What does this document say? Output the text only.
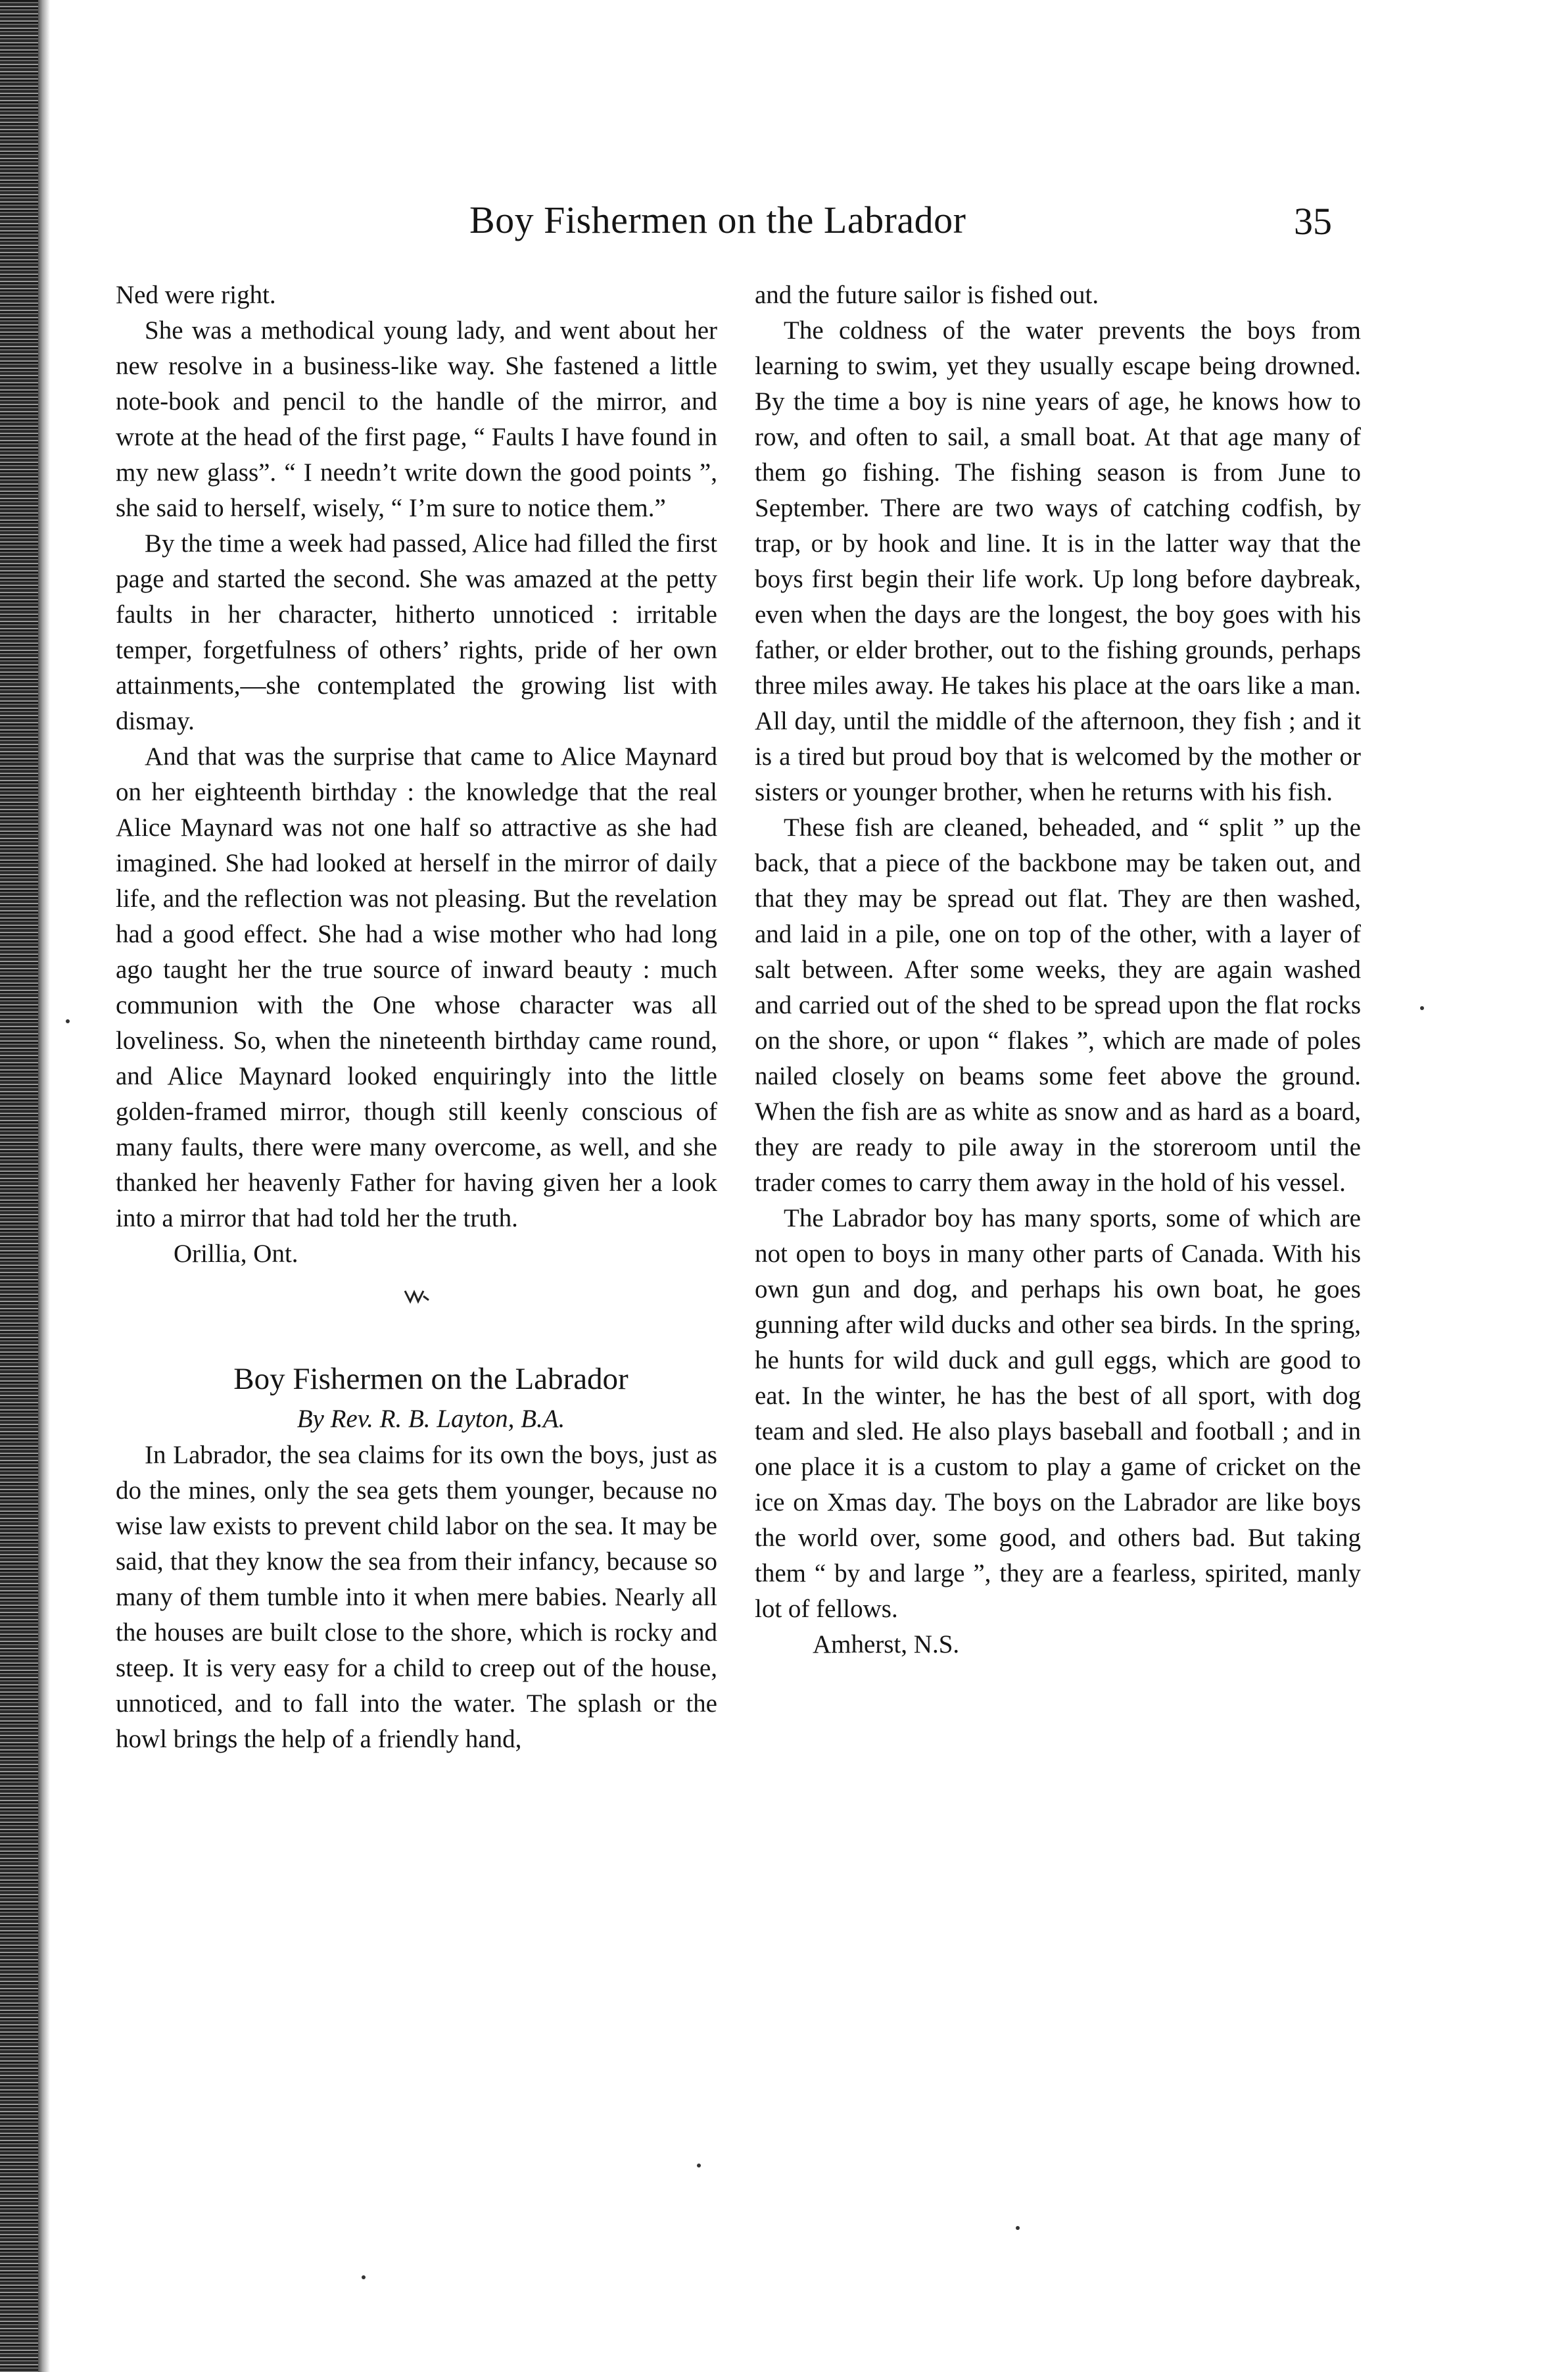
Boy Fishermen on the Labrador	35

Ned were right.

She was a methodical young lady, and went about her new resolve in a business-like way. She fastened a little note-book and pencil to the handle of the mirror, and wrote at the head of the first page, “ Faults I have found in my new glass”. “ I needn’t write down the good points ”, she said to herself, wisely, “ I’m sure to notice them.”

By the time a week had passed, Alice had filled the first page and started the second. She was amazed at the petty faults in her character, hitherto unnoticed : irritable temper, forgetfulness of others’ rights, pride of her own attainments,—she contemplated the growing list with dismay.

And that was the surprise that came to Alice Maynard on her eighteenth birthday : the knowledge that the real Alice Maynard was not one half so attractive as she had imagined. She had looked at herself in the mirror of daily life, and the reflection was not pleasing. But the revelation had a good effect. She had a wise mother who had long ago taught her the true source of inward beauty : much communion with the One whose character was all loveliness. So, when the nineteenth birthday came round, and Alice Maynard looked enquiringly into the little golden-framed mirror, though still keenly conscious of many faults, there were many overcome, as well, and she thanked her heavenly Father for having given her a look into a mirror that had told her the truth.

Orillia, Ont.

Boy Fishermen on the Labrador

By Rev. R. B. Layton, B.A.

In Labrador, the sea claims for its own the boys, just as do the mines, only the sea gets them younger, because no wise law exists to prevent child labor on the sea. It may be said, that they know the sea from their infancy, because so many of them tumble into it when mere babies. Nearly all the houses are built close to the shore, which is rocky and steep. It is very easy for a child to creep out of the house, unnoticed, and to fall into the water. The splash or the howl brings the help of a friendly hand,

and the future sailor is fished out.

The coldness of the water prevents the boys from learning to swim, yet they usually escape being drowned. By the time a boy is nine years of age, he knows how to row, and often to sail, a small boat. At that age many of them go fishing. The fishing season is from June to September. There are two ways of catching codfish, by trap, or by hook and line. It is in the latter way that the boys first begin their life work. Up long before daybreak, even when the days are the longest, the boy goes with his father, or elder brother, out to the fishing grounds, perhaps three miles away. He takes his place at the oars like a man. All day, until the middle of the afternoon, they fish ; and it is a tired but proud boy that is welcomed by the mother or sisters or younger brother, when he returns with his fish.

These fish are cleaned, beheaded, and “ split ” up the back, that a piece of the backbone may be taken out, and that they may be spread out flat. They are then washed, and laid in a pile, one on top of the other, with a layer of salt between. After some weeks, they are again washed and carried out of the shed to be spread upon the flat rocks on the shore, or upon “ flakes ”, which are made of poles nailed closely on beams some feet above the ground. When the fish are as white as snow and as hard as a board, they are ready to pile away in the storeroom until the trader comes to carry them away in the hold of his vessel.

The Labrador boy has many sports, some of which are not open to boys in many other parts of Canada. With his own gun and dog, and perhaps his own boat, he goes gunning after wild ducks and other sea birds. In the spring, he hunts for wild duck and gull eggs, which are good to eat. In the winter, he has the best of all sport, with dog team and sled. He also plays baseball and football ; and in one place it is a custom to play a game of cricket on the ice on Xmas day. The boys on the Labrador are like boys the world over, some good, and others bad. But taking them “ by and large ”, they are a fearless, spirited, manly lot of fellows.

Amherst, N.S.
